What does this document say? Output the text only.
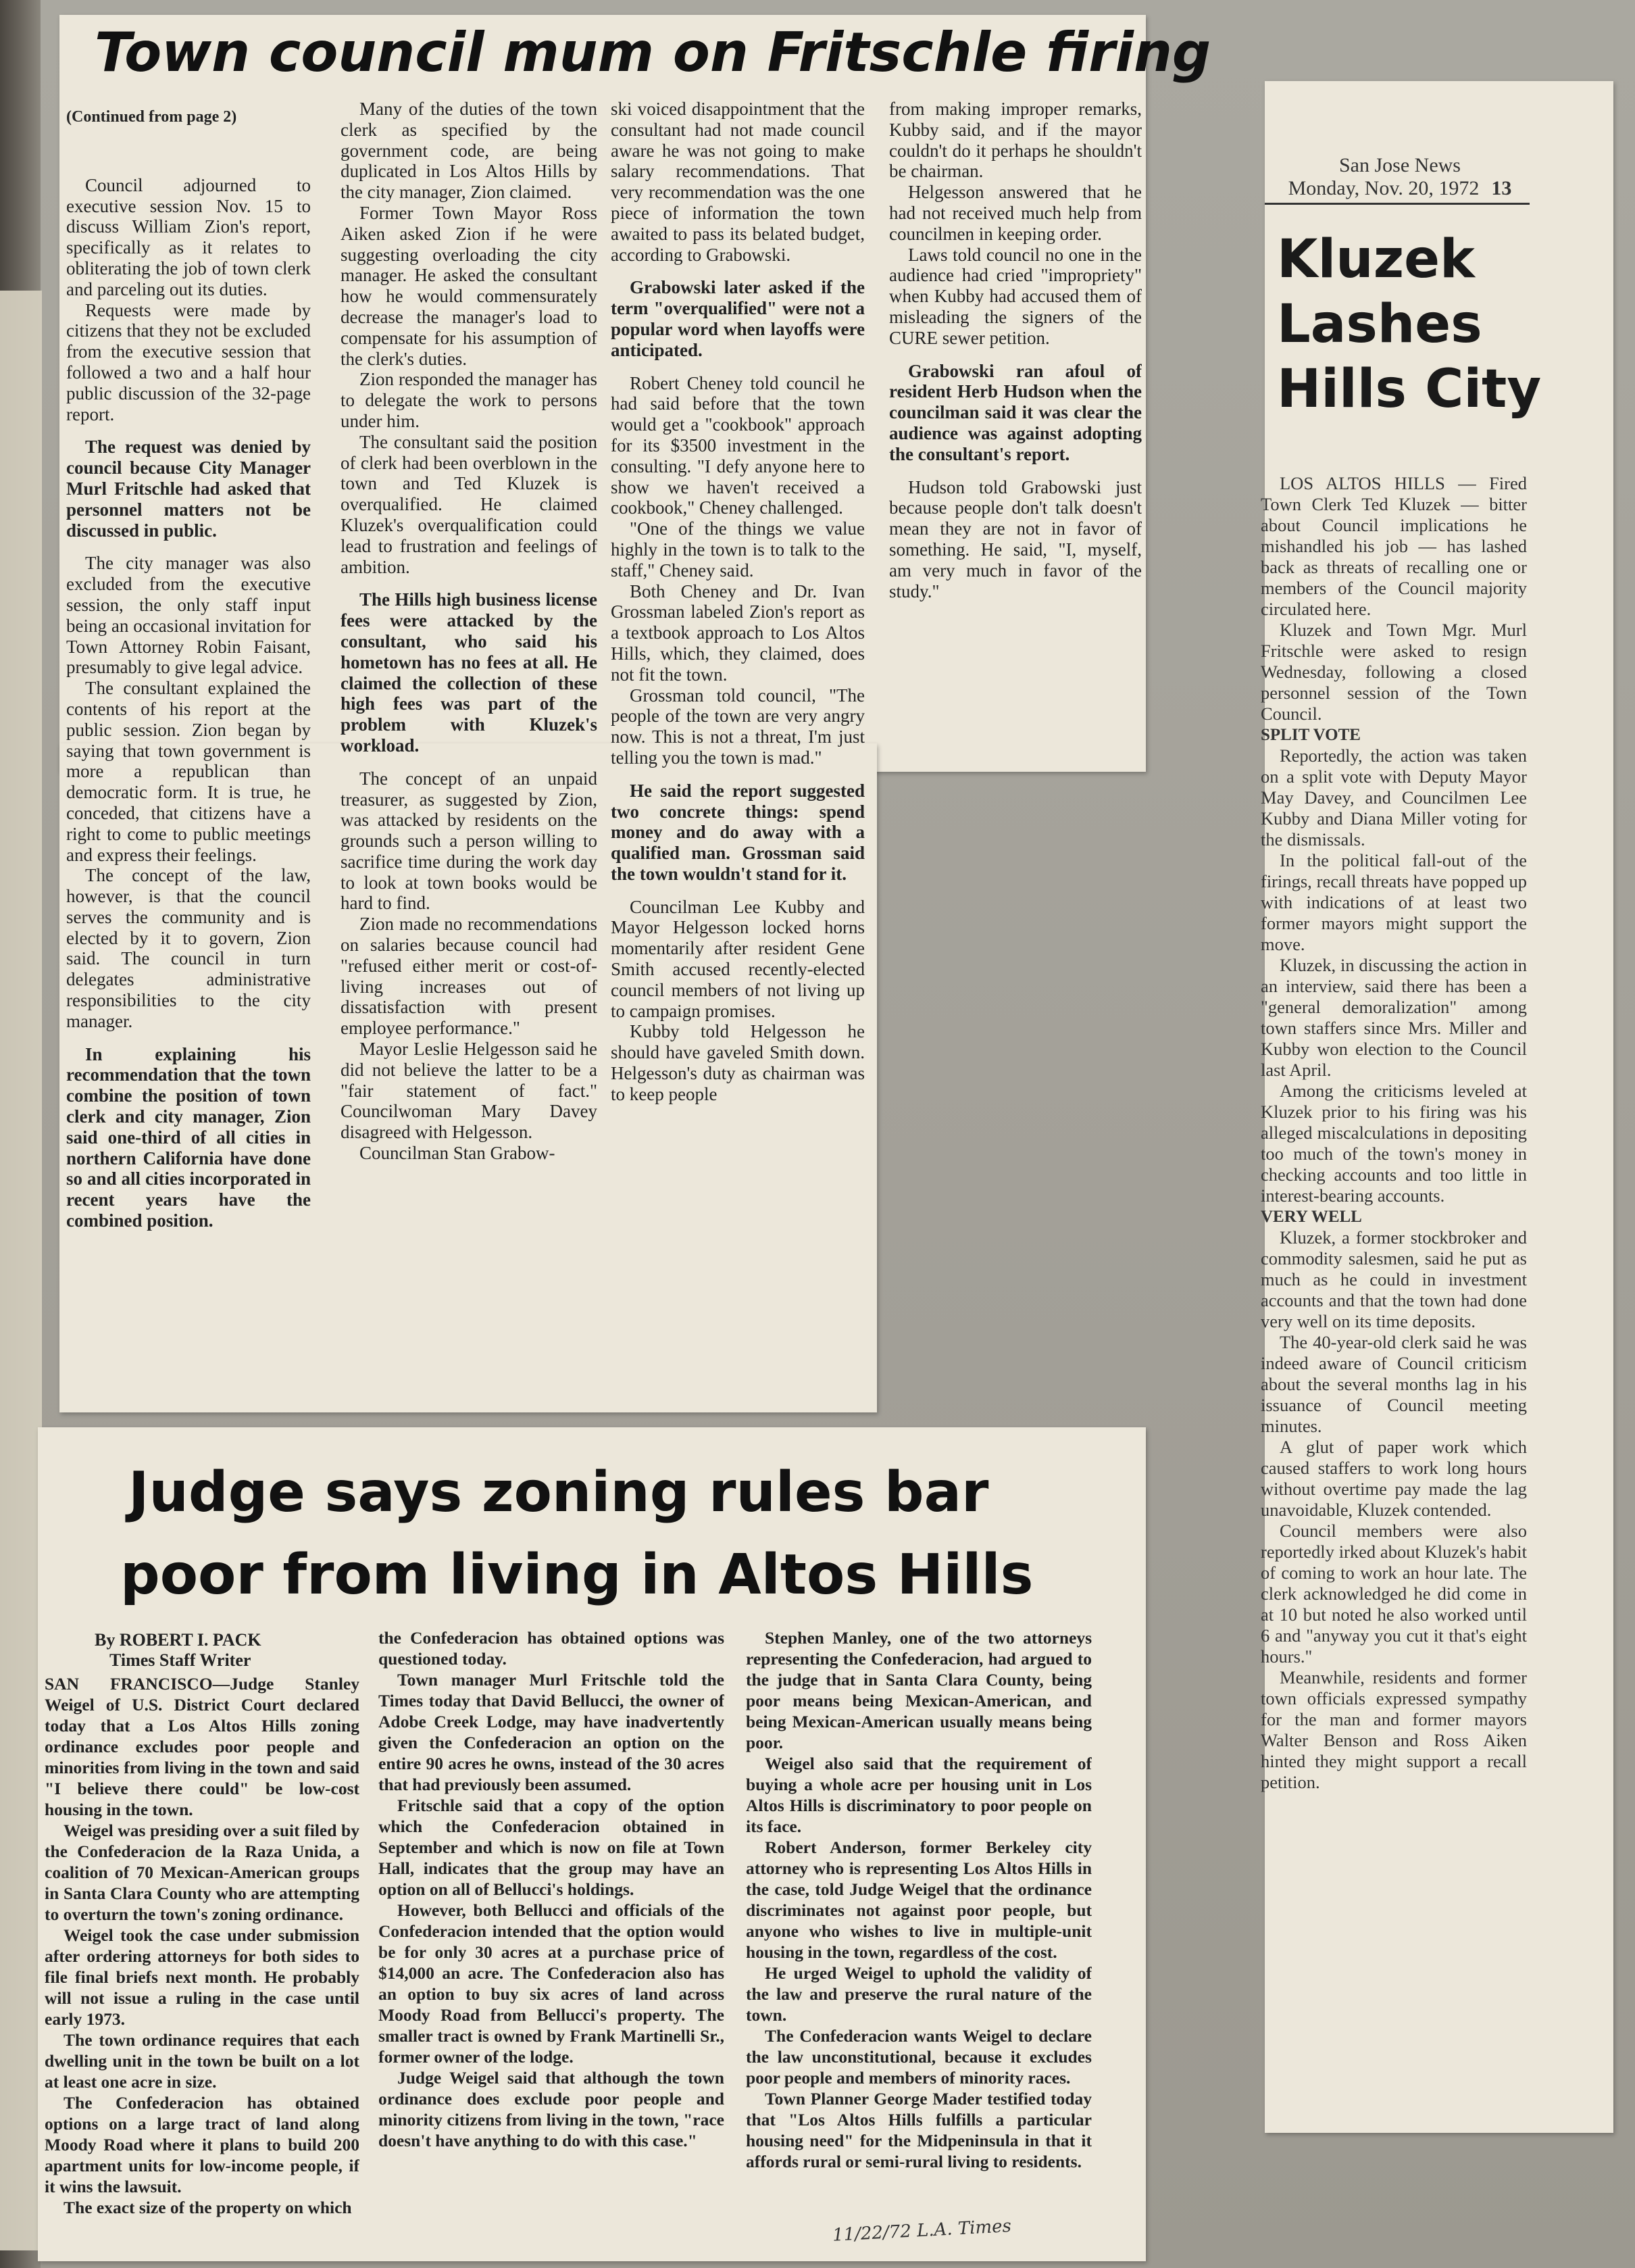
Town council mum on Fritschle firing
(Continued from page 2)

Council adjourned to executive session Nov. 15 to discuss William Zion's report, specifically as it relates to obliterating the job of town clerk and parceling out its duties.

Requests were made by citizens that they not be excluded from the executive session that followed a two and a half hour public discussion of the 32-page report.

The request was denied by council because City Manager Murl Fritschle had asked that personnel matters not be discussed in public.

The city manager was also excluded from the executive session, the only staff input being an occasional invitation for Town Attorney Robin Faisant, presumably to give legal advice.

The consultant explained the contents of his report at the public session. Zion began by saying that town government is more a republican than democratic form. It is true, he conceded, that citizens have a right to come to public meetings and express their feelings.

The concept of the law, however, is that the council serves the community and is elected by it to govern, Zion said. The council in turn delegates administrative responsibilities to the city manager.

In explaining his recommendation that the town combine the position of town clerk and city manager, Zion said one-third of all cities in northern California have done so and all cities incorporated in recent years have the combined position.

Many of the duties of the town clerk as specified by the government code, are being duplicated in Los Altos Hills by the city manager, Zion claimed.

Former Town Mayor Ross Aiken asked Zion if he were suggesting overloading the city manager. He asked the consultant how he would commensurately decrease the manager's load to compensate for his assumption of the clerk's duties.

Zion responded the manager has to delegate the work to persons under him.

The consultant said the position of clerk had been overblown in the town and Ted Kluzek is overqualified. He claimed Kluzek's overqualification could lead to frustration and feelings of ambition.

The Hills high business license fees were attacked by the consultant, who said his hometown has no fees at all. He claimed the collection of these high fees was part of the problem with Kluzek's workload.

The concept of an unpaid treasurer, as suggested by Zion, was attacked by residents on the grounds such a person willing to sacrifice time during the work day to look at town books would be hard to find.

Zion made no recommendations on salaries because council had "refused either merit or cost-of-living increases out of dissatisfaction with present employee performance."

Mayor Leslie Helgesson said he did not believe the latter to be a "fair statement of fact." Councilwoman Mary Davey disagreed with Helgesson.

Councilman Stan Grabow-

ski voiced disappointment that the consultant had not made council aware he was not going to make salary recommendations. That very recommendation was the one piece of information the town awaited to pass its belated budget, according to Grabowski.

Grabowski later asked if the term "overqualified" were not a popular word when layoffs were anticipated.

Robert Cheney told council he had said before that the town would get a "cookbook" approach for its $3500 investment in the consulting. "I defy anyone here to show we haven't received a cookbook," Cheney challenged.

"One of the things we value highly in the town is to talk to the staff," Cheney said.

Both Cheney and Dr. Ivan Grossman labeled Zion's report as a textbook approach to Los Altos Hills, which, they claimed, does not fit the town.

Grossman told council, "The people of the town are very angry now. This is not a threat, I'm just telling you the town is mad."

He said the report suggested two concrete things: spend money and do away with a qualified man. Grossman said the town wouldn't stand for it.

Councilman Lee Kubby and Mayor Helgesson locked horns momentarily after resident Gene Smith accused recently-elected council members of not living up to campaign promises.

Kubby told Helgesson he should have gaveled Smith down. Helgesson's duty as chairman was to keep people

from making improper remarks, Kubby said, and if the mayor couldn't do it perhaps he shouldn't be chairman.

Helgesson answered that he had not received much help from councilmen in keeping order.

Laws told council no one in the audience had cried "impropriety" when Kubby had accused them of misleading the signers of the CURE sewer petition.

Grabowski ran afoul of resident Herb Hudson when the councilman said it was clear the audience was against adopting the consultant's report.

Hudson told Grabowski just because people don't talk doesn't mean they are not in favor of something. He said, "I, myself, am very much in favor of the study."

San Jose News
Monday, Nov. 20, 1972 13
Kluzek
Lashes
Hills City

LOS ALTOS HILLS — Fired Town Clerk Ted Kluzek — bitter about Council implications he mishandled his job — has lashed back as threats of recalling one or members of the Council majority circulated here.

Kluzek and Town Mgr. Murl Fritschle were asked to resign Wednesday, following a closed personnel session of the Town Council.

SPLIT VOTE

Reportedly, the action was taken on a split vote with Deputy Mayor May Davey, and Councilmen Lee Kubby and Diana Miller voting for the dismissals.

In the political fall-out of the firings, recall threats have popped up with indications of at least two former mayors might support the move.

Kluzek, in discussing the action in an interview, said there has been a "general demoralization" among town staffers since Mrs. Miller and Kubby won election to the Council last April.

Among the criticisms leveled at Kluzek prior to his firing was his alleged miscalculations in depositing too much of the town's money in checking accounts and too little in interest-bearing accounts.

VERY WELL

Kluzek, a former stockbroker and commodity salesmen, said he put as much as he could in investment accounts and that the town had done very well on its time deposits.

The 40-year-old clerk said he was indeed aware of Council criticism about the several months lag in his issuance of Council meeting minutes.

A glut of paper work which caused staffers to work long hours without overtime pay made the lag unavoidable, Kluzek contended.

Council members were also reportedly irked about Kluzek's habit of coming to work an hour late. The clerk acknowledged he did come in at 10 but noted he also worked until 6 and "anyway you cut it that's eight hours."

Meanwhile, residents and former town officials expressed sympathy for the man and former mayors Walter Benson and Ross Aiken hinted they might support a recall petition.

Judge says zoning rules bar
poor from living in Altos Hills
By ROBERT I. PACK
Times Staff Writer

SAN FRANCISCO—Judge Stanley Weigel of U.S. District Court declared today that a Los Altos Hills zoning ordinance excludes poor people and minorities from living in the town and said "I believe there could" be low-cost housing in the town.

Weigel was presiding over a suit filed by the Confederacion de la Raza Unida, a coalition of 70 Mexican-American groups in Santa Clara County who are attempting to overturn the town's zoning ordinance.

Weigel took the case under submission after ordering attorneys for both sides to file final briefs next month. He probably will not issue a ruling in the case until early 1973.

The town ordinance requires that each dwelling unit in the town be built on a lot at least one acre in size.

The Confederacion has obtained options on a large tract of land along Moody Road where it plans to build 200 apartment units for low-income people, if it wins the lawsuit.

The exact size of the property on which

the Confederacion has obtained options was questioned today.

Town manager Murl Fritschle told the Times today that David Bellucci, the owner of Adobe Creek Lodge, may have inadvertently given the Confederacion an option on the entire 90 acres he owns, instead of the 30 acres that had previously been assumed.

Fritschle said that a copy of the option which the Confederacion obtained in September and which is now on file at Town Hall, indicates that the group may have an option on all of Bellucci's holdings.

However, both Bellucci and officials of the Confederacion intended that the option would be for only 30 acres at a purchase price of $14,000 an acre. The Confederacion also has an option to buy six acres of land across Moody Road from Bellucci's property. The smaller tract is owned by Frank Martinelli Sr., former owner of the lodge.

Judge Weigel said that although the town ordinance does exclude poor people and minority citizens from living in the town, "race doesn't have anything to do with this case."

Stephen Manley, one of the two attorneys representing the Confederacion, had argued to the judge that in Santa Clara County, being poor means being Mexican-American, and being Mexican-American usually means being poor.

Weigel also said that the requirement of buying a whole acre per housing unit in Los Altos Hills is discriminatory to poor people on its face.

Robert Anderson, former Berkeley city attorney who is representing Los Altos Hills in the case, told Judge Weigel that the ordinance discriminates not against poor people, but anyone who wishes to live in multiple-unit housing in the town, regardless of the cost.

He urged Weigel to uphold the validity of the law and preserve the rural nature of the town.

The Confederacion wants Weigel to declare the law unconstitutional, because it excludes poor people and members of minority races.

Town Planner George Mader testified today that "Los Altos Hills fulfills a particular housing need" for the Midpeninsula in that it affords rural or semi-rural living to residents.

11/22/72 L.A. Times
